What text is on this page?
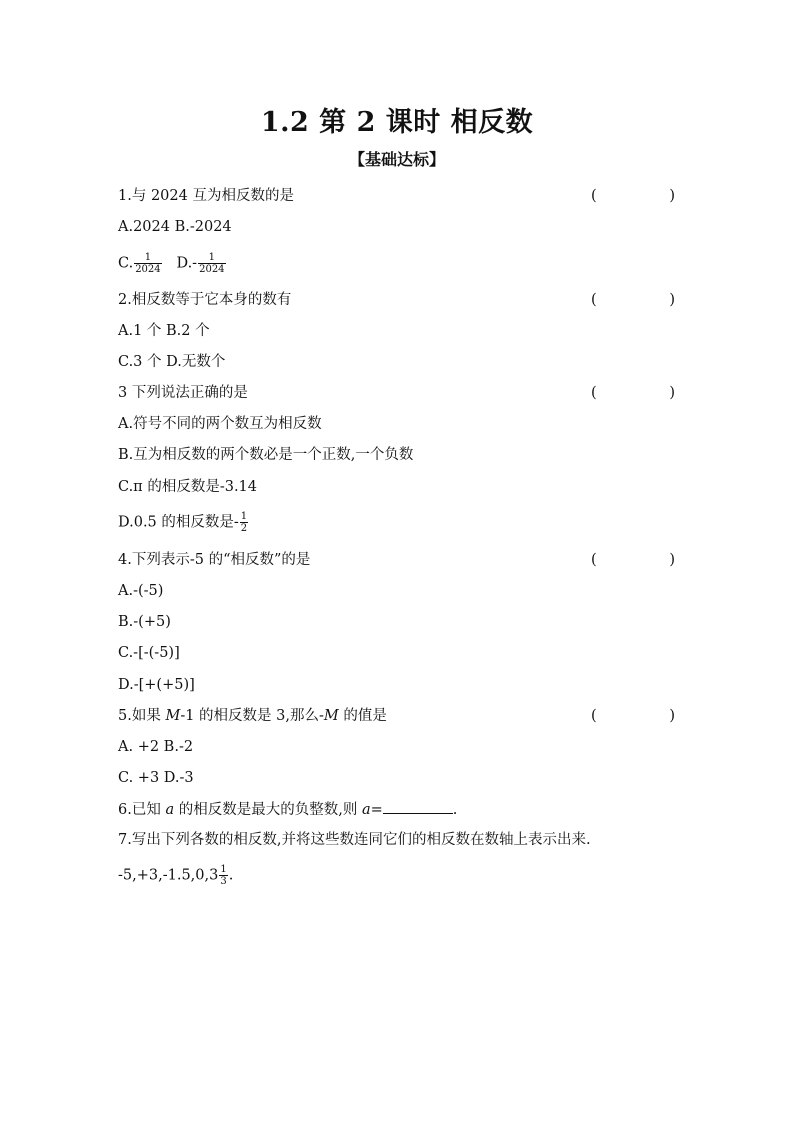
1.2 第 2 课时 相反数
【基础达标】
1.与 2024 互为相反数的是	(	)
A.2024 B.-2024
C. $\frac{1}{2024} D.- \frac{1}{2024}$
2.相反数等于它本身的数有	(	)
A.1 个 B.2 个
C.3 个 D.无数个
3 下列说法正确的是	(	)
A.符号不同的两个数互为相反数
B.互为相反数的两个数必是一个正数,一个负数
C.π 的相反数是-3.14
D.0.5 的相反数是- $\frac{1}{2}$
4.下列表示-5 的“相反数”的是	(	)
A.-(-5)
B.-(+5)
C.-[-(-5)]
D.-[+(+5)]
5.如果 M-1 的相反数是 3,那么-M 的值是	(	)
A. +2 B.-2
C. +3 D.-3
6.已知 a 的相反数是最大的负整数,则 a=	.
7.写出下列各数的相反数,并将这些数连同它们的相反数在数轴上表示出来.
$-5,+3,-1.5,0,3 \frac{1}{3}$ .
